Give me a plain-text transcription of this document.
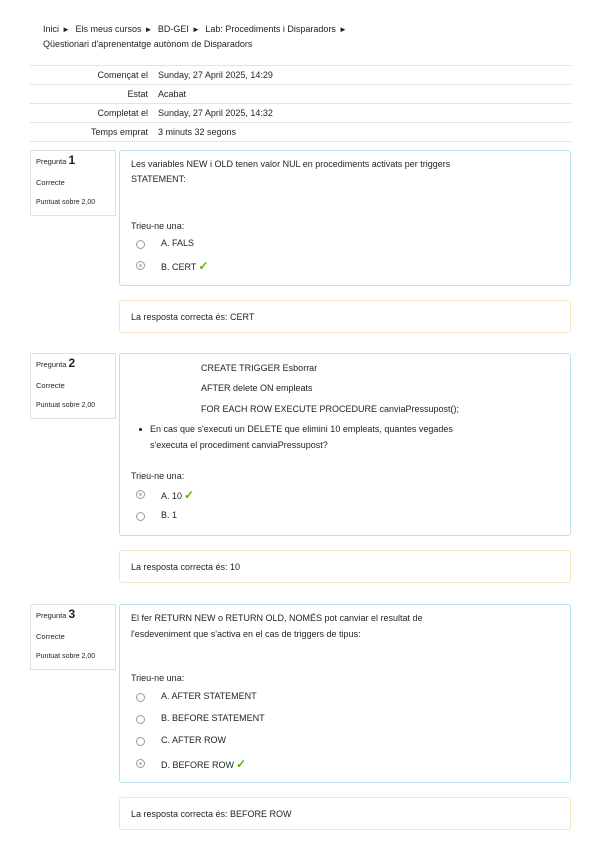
Inici ► Els meus cursos ► BD-GEI ► Lab: Procediments i Disparadors ►
Qüestionari d'aprenentatge autònom de Disparadors
Començat el	Sunday, 27 April 2025, 14:29
Estat	Acabat
Completat el	Sunday, 27 April 2025, 14:32
Temps emprat	3 minuts 32 segons
Pregunta 1
Correcte
Puntuat sobre 2,00
Les variables NEW i OLD tenen valor NUL en procediments activats per triggers
STATEMENT:
Trieu-ne una:
A. FALS
B. CERT ✓
La resposta correcta és: CERT
Pregunta 2
Correcte
Puntuat sobre 2,00
CREATE TRIGGER Esborrar
AFTER delete ON empleats
FOR EACH ROW EXECUTE PROCEDURE canviaPressupost();
En cas que s'executi un DELETE que elimini 10 empleats, quantes vegades
s'executa el procediment canviaPressupost?
Trieu-ne una:
A. 10 ✓
B. 1
La resposta correcta és: 10
Pregunta 3
Correcte
Puntuat sobre 2,00
El fer RETURN NEW o RETURN OLD, NOMÉS pot canviar el resultat de
l'esdeveniment que s'activa en el cas de triggers de tipus:
Trieu-ne una:
A. AFTER STATEMENT
B. BEFORE STATEMENT
C. AFTER ROW
D. BEFORE ROW ✓
La resposta correcta és: BEFORE ROW
